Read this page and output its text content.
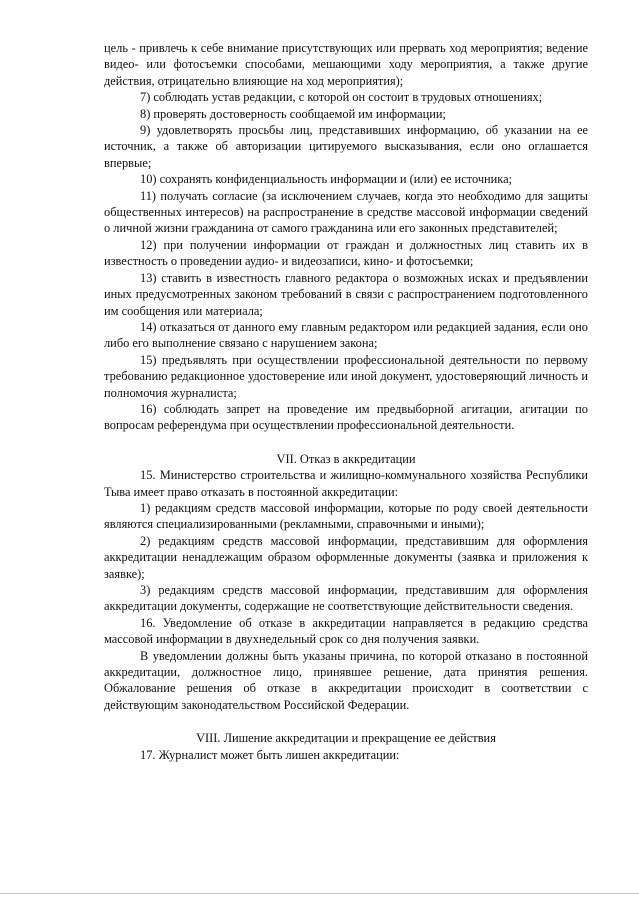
цель - привлечь к себе внимание присутствующих или прервать ход мероприятия; ведение видео- или фотосъемки способами, мешающими ходу мероприятия, а также другие действия, отрицательно влияющие на ход мероприятия);

7) соблюдать устав редакции, с которой он состоит в трудовых отношениях;

8) проверять достоверность сообщаемой им информации;

9) удовлетворять просьбы лиц, представивших информацию, об указании на ее источник, а также об авторизации цитируемого высказывания, если оно оглашается впервые;

10) сохранять конфиденциальность информации и (или) ее источника;

11) получать согласие (за исключением случаев, когда это необходимо для защиты общественных интересов) на распространение в средстве массовой информации сведений о личной жизни гражданина от самого гражданина или его законных представителей;

12) при получении информации от граждан и должностных лиц ставить их в известность о проведении аудио- и видеозаписи, кино- и фотосъемки;

13) ставить в известность главного редактора о возможных исках и предъявлении иных предусмотренных законом требований в связи с распространением подготовленного им сообщения или материала;

14) отказаться от данного ему главным редактором или редакцией задания, если оно либо его выполнение связано с нарушением закона;

15) предъявлять при осуществлении профессиональной деятельности по первому требованию редакционное удостоверение или иной документ, удостоверяющий личность и полномочия журналиста;

16) соблюдать запрет на проведение им предвыборной агитации, агитации по вопросам референдума при осуществлении профессиональной деятельности.

VII. Отказ в аккредитации

15. Министерство строительства и жилищно-коммунального хозяйства Республики Тыва имеет право отказать в постоянной аккредитации:

1) редакциям средств массовой информации, которые по роду своей деятельности являются специализированными (рекламными, справочными и иными);

2) редакциям средств массовой информации, представившим для оформления аккредитации ненадлежащим образом оформленные документы (заявка и приложения к заявке);

3) редакциям средств массовой информации, представившим для оформления аккредитации документы, содержащие не соответствующие действительности сведения.

16. Уведомление об отказе в аккредитации направляется в редакцию средства массовой информации в двухнедельный срок со дня получения заявки.

В уведомлении должны быть указаны причина, по которой отказано в постоянной аккредитации, должностное лицо, принявшее решение, дата принятия решения. Обжалование решения об отказе в аккредитации происходит в соответствии с действующим законодательством Российской Федерации.

VIII. Лишение аккредитации и прекращение ее действия

17. Журналист может быть лишен аккредитации:
